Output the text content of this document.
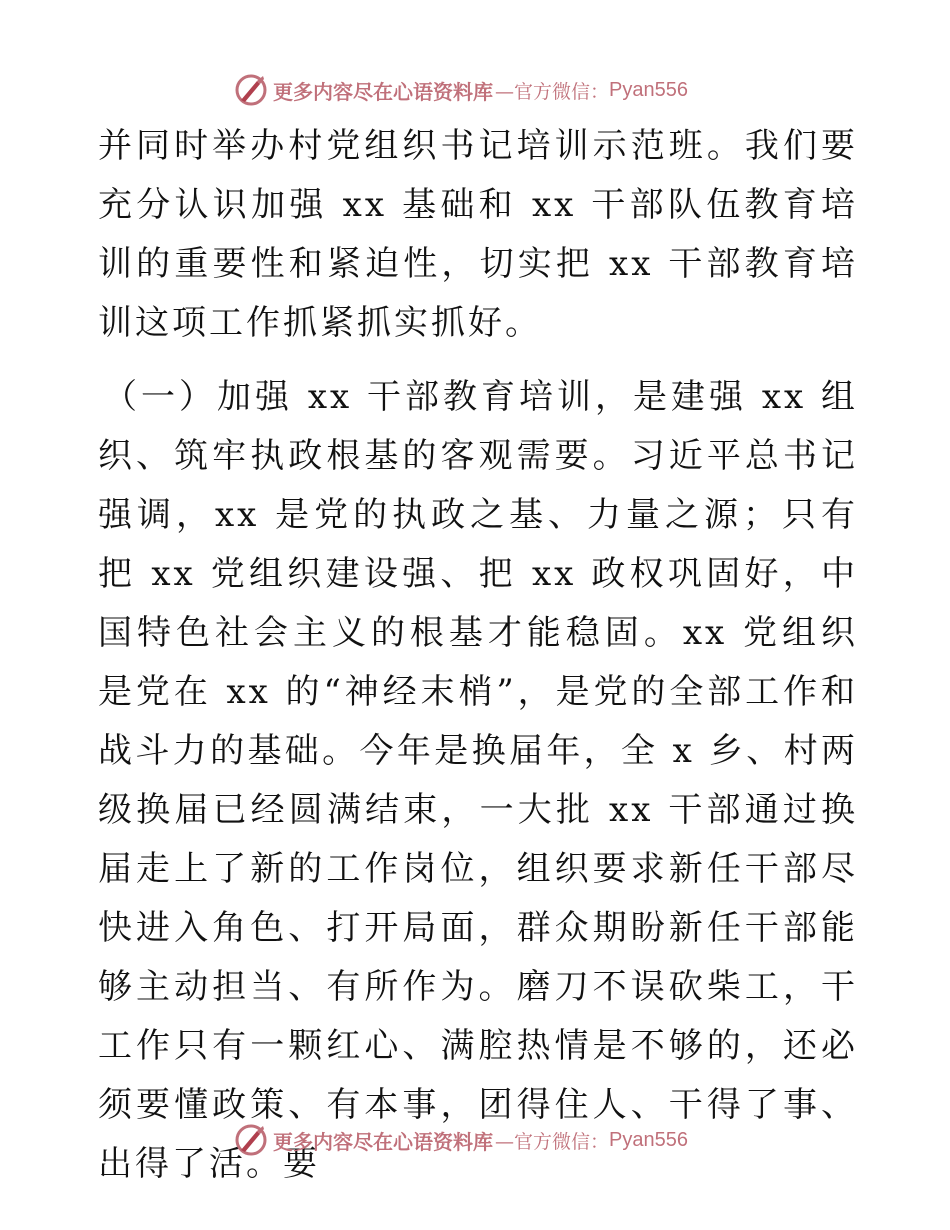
更多内容尽在心语资料库 —官方微信： Pyan556

并同时举办村党组织书记培训示范班。我们要充分认识加强 xx 基础和 xx 干部队伍教育培训的重要性和紧迫性，切实把 xx 干部教育培训这项工作抓紧抓实抓好。

（一）加强 xx 干部教育培训，是建强 xx 组织、筑牢执政根基的客观需要。习近平总书记强调，xx 是党的执政之基、力量之源；只有把 xx 党组织建设强、把 xx 政权巩固好，中国特色社会主义的根基才能稳固。xx 党组织是党在 xx 的“神经末梢”，是党的全部工作和战斗力的基础。今年是换届年，全 x 乡、村两级换届已经圆满结束，一大批 xx 干部通过换届走上了新的工作岗位，组织要求新任干部尽快进入角色、打开局面，群众期盼新任干部能够主动担当、有所作为。磨刀不误砍柴工，干工作只有一颗红心、满腔热情是不够的，还必须要懂政策、有本事，团得住人、干得了事、出得了活。要

更多内容尽在心语资料库 —官方微信： Pyan556
